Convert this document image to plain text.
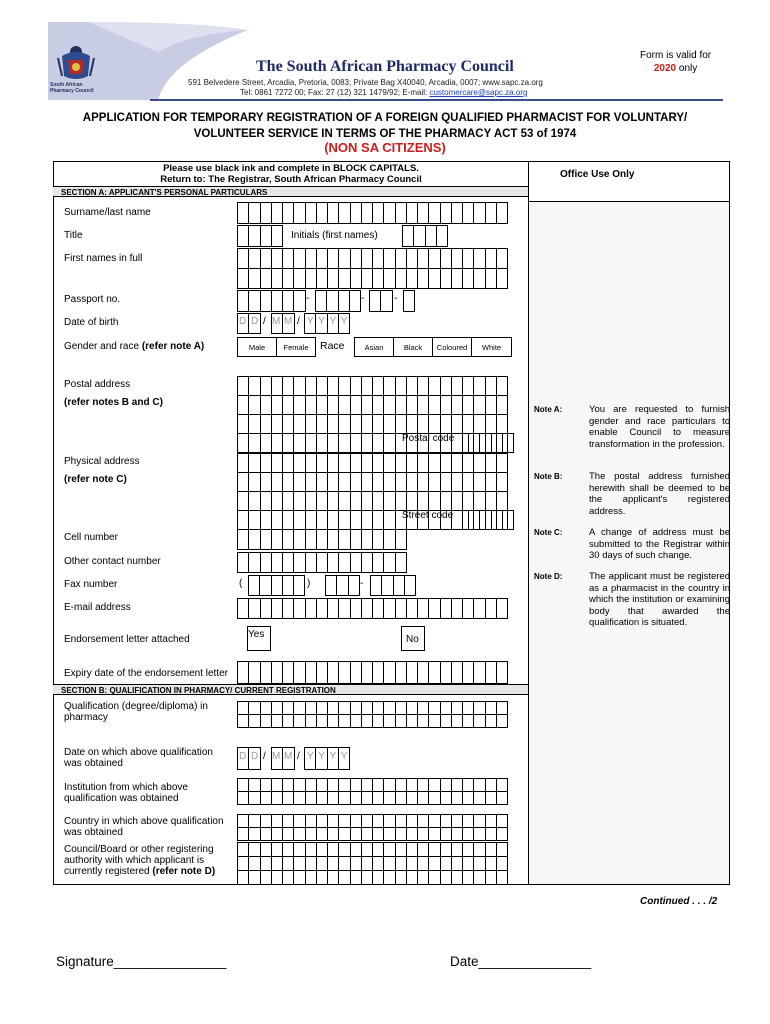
South African Pharmacy Council
The South African Pharmacy Council
591 Belvedere Street, Arcadia, Pretoria, 0083; Private Bag X40040, Arcadia, 0007; www.sapc.za.org
Tel: 0861 7272 00; Fax: 27 (12) 321 1479/92; E-mail: customercare@sapc.za.org
Form is valid for
2020 only
APPLICATION FOR TEMPORARY REGISTRATION OF A FOREIGN QUALIFIED PHARMACIST FOR VOLUNTARY/
VOLUNTEER SERVICE IN TERMS OF THE PHARMACY ACT 53 of 1974
(NON SA CITIZENS)
Office Use Only
Please use black ink and complete in BLOCK CAPITALS.
Return to: The Registrar, South African Pharmacy Council
SECTION A: APPLICANT'S PERSONAL PARTICULARS
Surname/last name
Title	Initials (first names)
First names in full
Passport no.
Date of birth
Gender and race (refer note A)
Postal address
(refer notes B and C)
Physical address
(refer note C)
Cell number
Other contact number
Fax number
E-mail address
Endorsement letter attached
Expiry date of the endorsement letter
SECTION B: QUALIFICATION IN PHARMACY/ CURRENT REGISTRATION
Qualification (degree/diploma) in
pharmacy
Date on which above qualification
was obtained
Institution from which above
qualification was obtained
Country in which above qualification
was obtained
Council/Board or other registering
authority with which applicant is
currently registered (refer note D)
-	-	-
D D / M M / Y Y Y Y
(	)	-
D D / M M / Y Y Y Y
Postal code
Street code
Race
Male	Female	Asian	Black	Coloured	White
Yes	No
Note A:	You are requested to furnish gender and race particulars to enable Council to measure transformation in the profession.
Note B:	The postal address furnished herewith shall be deemed to be the applicant's registered address.
Note C:	A change of address must be submitted to the Registrar within 30 days of such change.
Note D:	The applicant must be registered as a pharmacist in the country in which the institution or examining body that awarded the qualification is situated.
Continued . . . /2
Signature_______________	Date_______________
